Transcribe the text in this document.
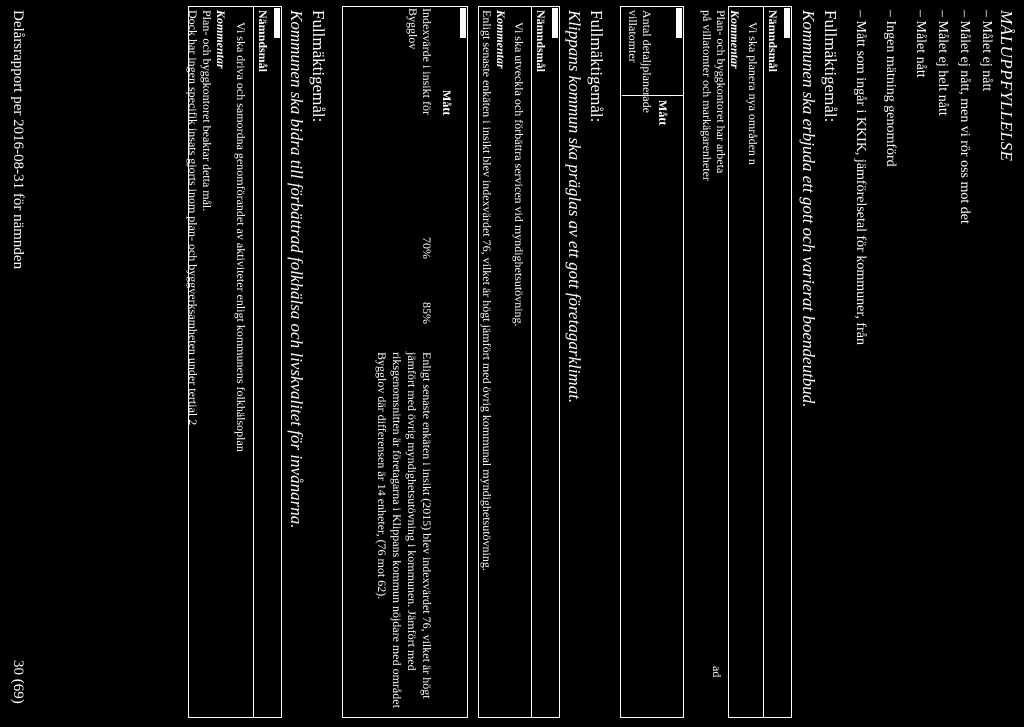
MÅLUPPFYLLELSE
– Målet ej nått
– Målet ej nått, men vi rör oss mot det
– Målet ej helt nått
– Målet nått
– Ingen mätning genomförd
– Mått som ingår i KKIK, jämförelsetal för kommuner, från
Fullmäktigemål:
Kommunen ska erbjuda ett gott och varierat boendeutbud.
Nämndsmål
Vi ska planera nya områden n
Kommentar
Plan- och byggkontoret har arbeta
på villatomter och markägarenheter
ad
Mått
Antal detaljplanerade
villatomter
Fullmäktigemål:
Klippans kommun ska präglas av ett gott företagarklimat.
Nämndsmål
Vi ska utveckla och förbättra servicen vid myndighetsutövning.
Kommentar
Enligt senaste enkäten i insikt blev indexvärdet 76, vilket är högt jämfört med övrig kommunal myndighetsutövning.
Mått
Indexvärde i insikt för
Bygglov
70%
85%
Enligt senaste enkäten i insikt (2015) blev indexvärdet 76, vilket är högt jämfört med övrig myndighetsutövning i kommunen. Jämfört med riksgenomsnitten är företagarna i Klippans kommun nöjdare med området Bygglov där differensen är 14 enheter, (76 mot 62).
Fullmäktigemål:
Kommunen ska bidra till förbättrad folkhälsa och livskvalitet för invånarna.
Nämndsmål
Vi ska driva och samordna genomförandet av aktiviteter enligt kommunens folkhälsoplan
Kommentar
Plan- och byggkontoret beaktar detta mål.
Dock har ingen specifik insats gjorts inom plan- och byggverksamheten under tertial 2
Delårsrapport per 2016-08-31 för nämnden
30 (69)
